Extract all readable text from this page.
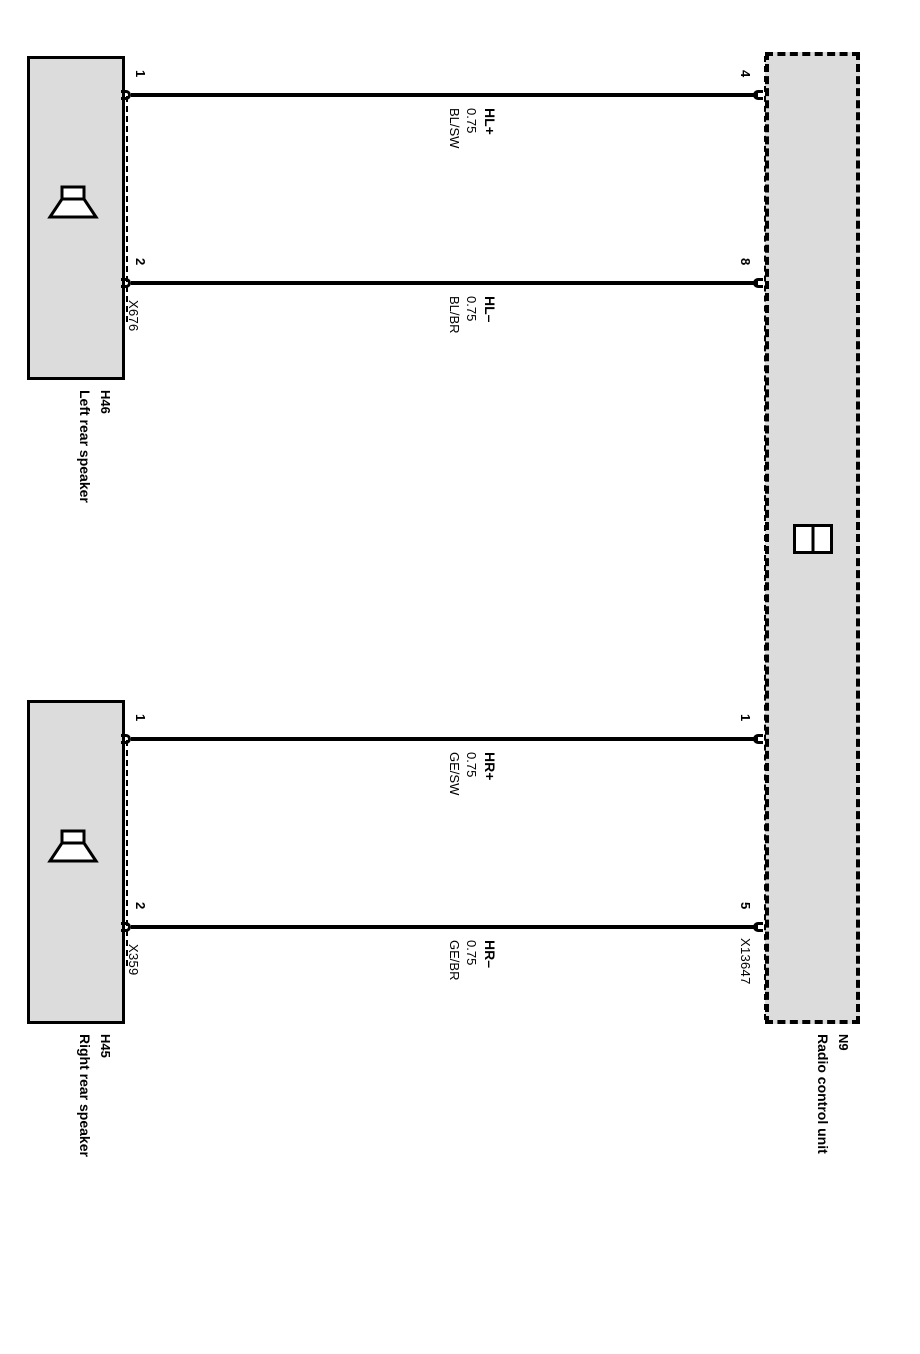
1
2
X676
H46
Left rear speaker
HL+
0.75
BL/SW
HL–
0.75
BL/BR
1
2
X359
H45
Right rear speaker
HR+
0.75
GE/SW
HR–
0.75
GE/BR
4
8
1
5
X13647
N9
Radio control unit
